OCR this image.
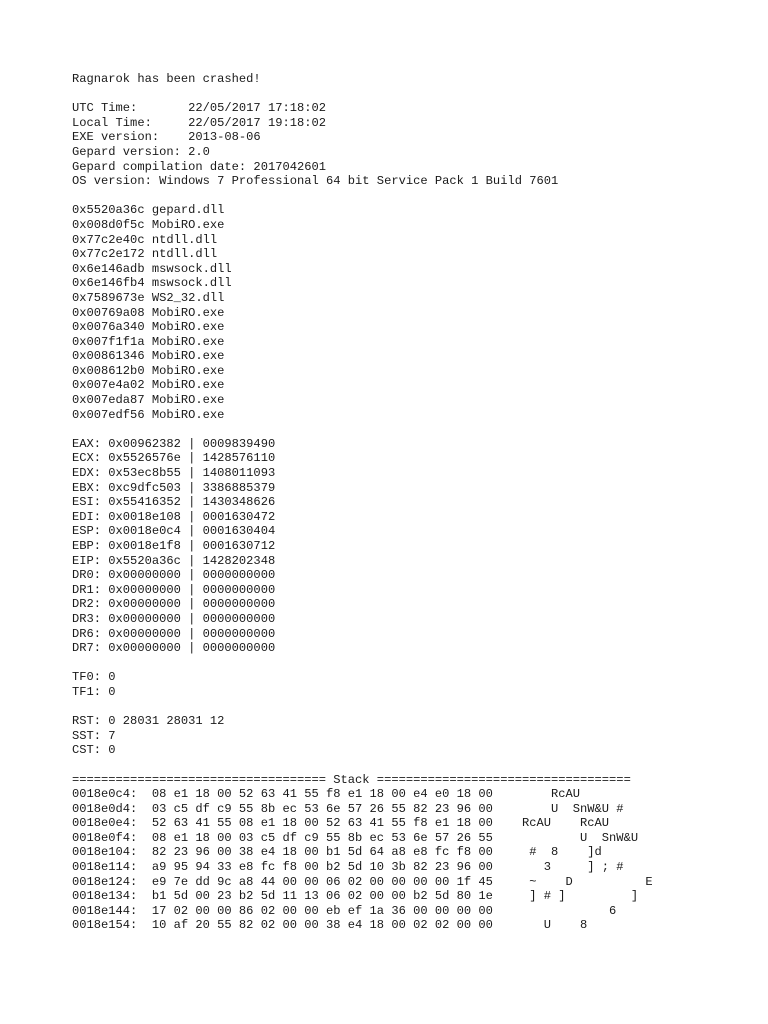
Ragnarok has been crashed!
UTC Time:       22/05/2017 17:18:02
Local Time:     22/05/2017 19:18:02
EXE version:    2013-08-06
Gepard version: 2.0
Gepard compilation date: 2017042601
OS version: Windows 7 Professional 64 bit Service Pack 1 Build 7601
0x5520a36c gepard.dll
0x008d0f5c MobiRO.exe
0x77c2e40c ntdll.dll
0x77c2e172 ntdll.dll
0x6e146adb mswsock.dll
0x6e146fb4 mswsock.dll
0x7589673e WS2_32.dll
0x00769a08 MobiRO.exe
0x0076a340 MobiRO.exe
0x007f1f1a MobiRO.exe
0x00861346 MobiRO.exe
0x008612b0 MobiRO.exe
0x007e4a02 MobiRO.exe
0x007eda87 MobiRO.exe
0x007edf56 MobiRO.exe
EAX: 0x00962382 | 0009839490
ECX: 0x5526576e | 1428576110
EDX: 0x53ec8b55 | 1408011093
EBX: 0xc9dfc503 | 3386885379
ESI: 0x55416352 | 1430348626
EDI: 0x0018e108 | 0001630472
ESP: 0x0018e0c4 | 0001630404
EBP: 0x0018e1f8 | 0001630712
EIP: 0x5520a36c | 1428202348
DR0: 0x00000000 | 0000000000
DR1: 0x00000000 | 0000000000
DR2: 0x00000000 | 0000000000
DR3: 0x00000000 | 0000000000
DR6: 0x00000000 | 0000000000
DR7: 0x00000000 | 0000000000
TF0: 0
TF1: 0
RST: 0 28031 28031 12
SST: 7
CST: 0
=================================== Stack ===================================
0018e0c4:  08 e1 18 00 52 63 41 55 f8 e1 18 00 e4 e0 18 00        RcAU
0018e0d4:  03 c5 df c9 55 8b ec 53 6e 57 26 55 82 23 96 00        U  SnW&U #
0018e0e4:  52 63 41 55 08 e1 18 00 52 63 41 55 f8 e1 18 00    RcAU    RcAU
0018e0f4:  08 e1 18 00 03 c5 df c9 55 8b ec 53 6e 57 26 55            U  SnW&U
0018e104:  82 23 96 00 38 e4 18 00 b1 5d 64 a8 e8 fc f8 00     #  8    ]d
0018e114:  a9 95 94 33 e8 fc f8 00 b2 5d 10 3b 82 23 96 00       3     ] ; #
0018e124:  e9 7e dd 9c a8 44 00 00 06 02 00 00 00 00 1f 45     ~    D          E
0018e134:  b1 5d 00 23 b2 5d 11 13 06 02 00 00 b2 5d 80 1e     ] # ]         ]
0018e144:  17 02 00 00 86 02 00 00 eb ef 1a 36 00 00 00 00                6
0018e154:  10 af 20 55 82 02 00 00 38 e4 18 00 02 02 00 00       U    8
